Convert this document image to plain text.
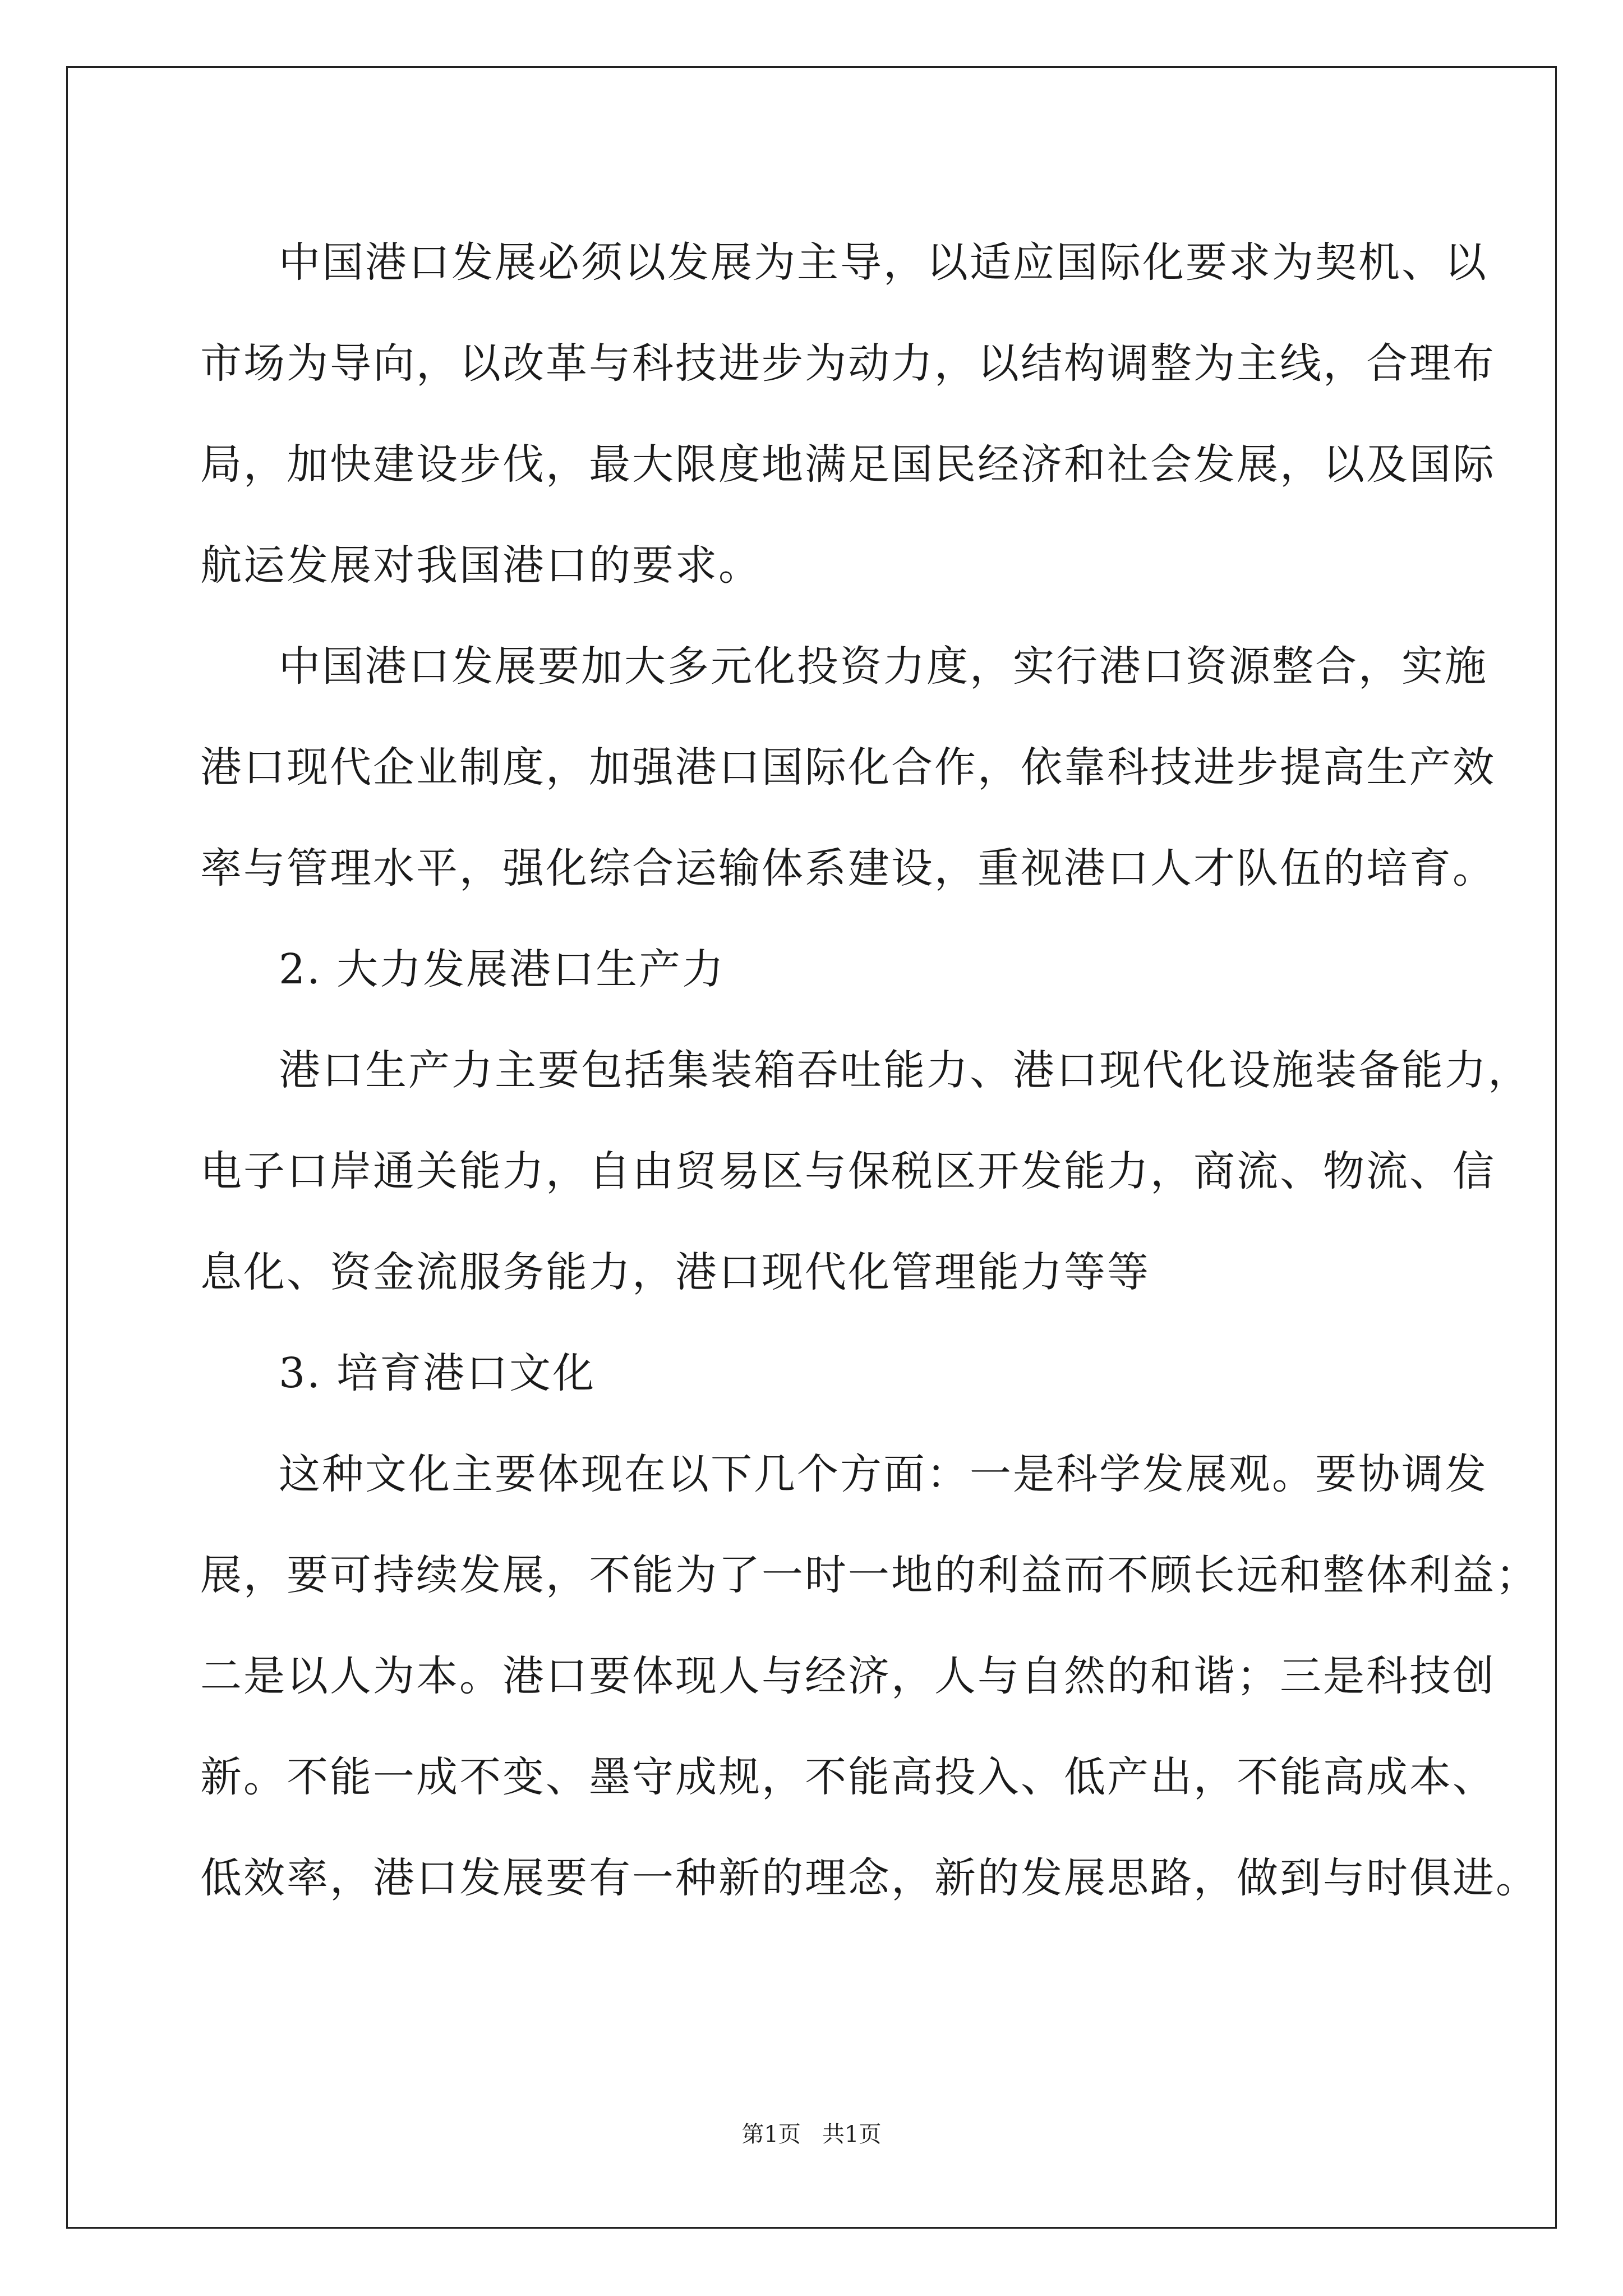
中国港口发展必须以发展为主导，以适应国际化要求为契机、以
市场为导向，以改革与科技进步为动力，以结构调整为主线，合理布
局，加快建设步伐，最大限度地满足国民经济和社会发展，以及国际
航运发展对我国港口的要求。
中国港口发展要加大多元化投资力度，实行港口资源整合，实施
港口现代企业制度，加强港口国际化合作，依靠科技进步提高生产效
率与管理水平，强化综合运输体系建设，重视港口人才队伍的培育。
2. 大力发展港口生产力
港口生产力主要包括集装箱吞吐能力、港口现代化设施装备能力，
电子口岸通关能力，自由贸易区与保税区开发能力，商流、物流、信
息化、资金流服务能力，港口现代化管理能力等等
3. 培育港口文化
这种文化主要体现在以下几个方面：一是科学发展观。要协调发
展，要可持续发展，不能为了一时一地的利益而不顾长远和整体利益；
二是以人为本。港口要体现人与经济，人与自然的和谐；三是科技创
新。不能一成不变、墨守成规，不能高投入、低产出，不能高成本、
低效率，港口发展要有一种新的理念，新的发展思路，做到与时俱进。
第1页   共1页
